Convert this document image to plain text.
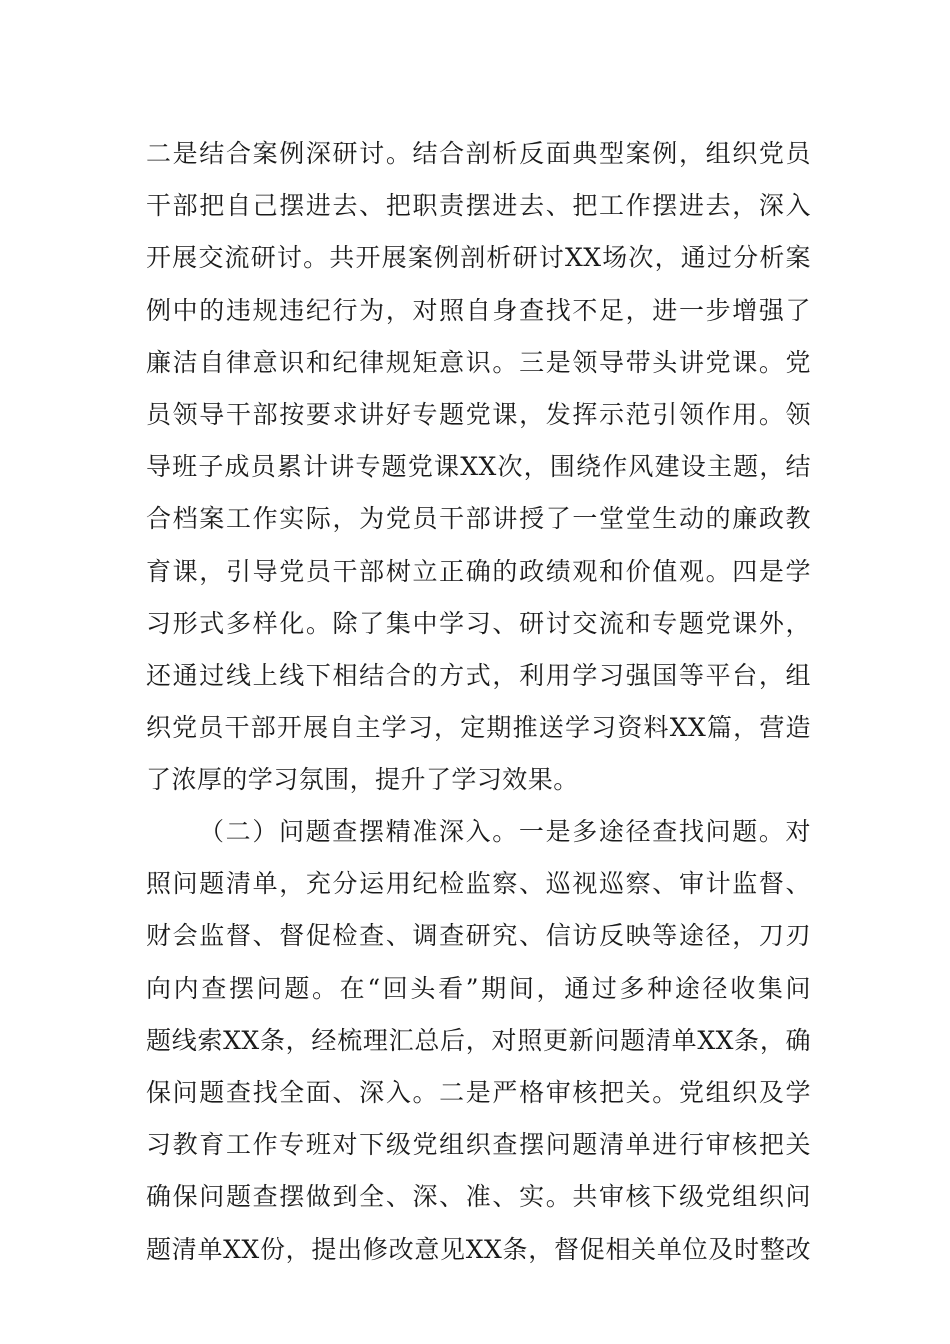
二是结合案例深研讨。结合剖析反面典型案例，组织党员
干部把自己摆进去、把职责摆进去、把工作摆进去，深入
开展交流研讨。共开展案例剖析研讨XX场次，通过分析案
例中的违规违纪行为，对照自身查找不足，进一步增强了
廉洁自律意识和纪律规矩意识。三是领导带头讲党课。党
员领导干部按要求讲好专题党课，发挥示范引领作用。领
导班子成员累计讲专题党课XX次，围绕作风建设主题，结
合档案工作实际，为党员干部讲授了一堂堂生动的廉政教
育课，引导党员干部树立正确的政绩观和价值观。四是学
习形式多样化。除了集中学习、研讨交流和专题党课外，
还通过线上线下相结合的方式，利用学习强国等平台，组
织党员干部开展自主学习，定期推送学习资料XX篇，营造
了浓厚的学习氛围，提升了学习效果。
（二）问题查摆精准深入。一是多途径查找问题。对
照问题清单，充分运用纪检监察、巡视巡察、审计监督、
财会监督、督促检查、调查研究、信访反映等途径，刀刃
向内查摆问题。在“回头看”期间，通过多种途径收集问
题线索XX条，经梳理汇总后，对照更新问题清单XX条，确
保问题查找全面、深入。二是严格审核把关。党组织及学
习教育工作专班对下级党组织查摆问题清单进行审核把关
确保问题查摆做到全、深、准、实。共审核下级党组织问
题清单XX份，提出修改意见XX条，督促相关单位及时整改
